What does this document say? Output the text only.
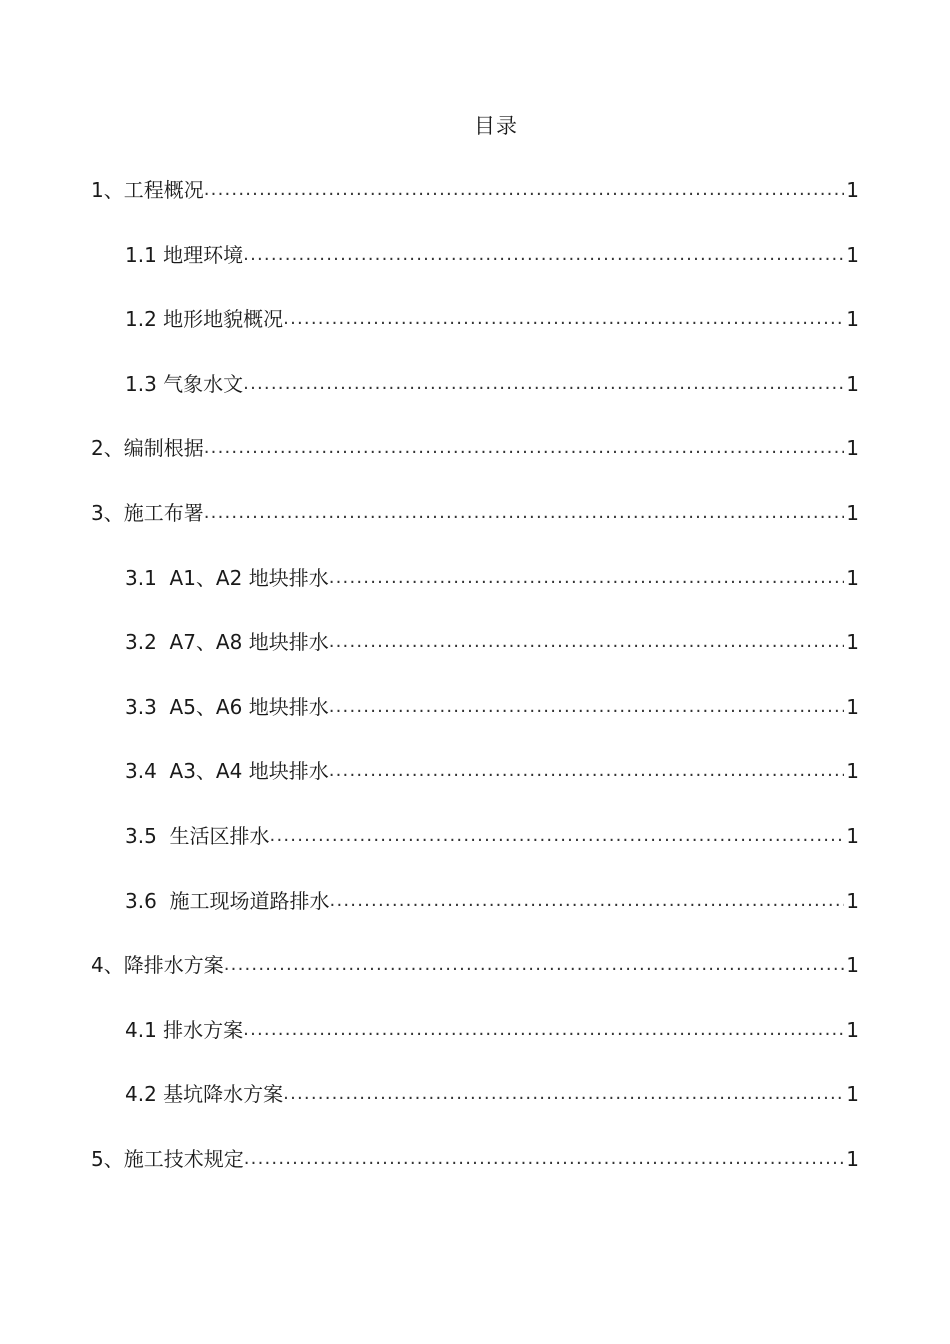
目录
1、工程概况 .....	1
1.1 地理环境 .....	1
1.2 地形地貌概况 .....	1
1.3 气象水文 .....	1
2、编制根据 .....	1
3、施工布署 .....	1
3.1  A1、A2 地块排水 .....	1
3.2  A7、A8 地块排水 .....	1
3.3  A5、A6 地块排水 .....	1
3.4  A3、A4 地块排水 .....	1
3.5  生活区排水 .....	1
3.6  施工现场道路排水 .....	1
4、降排水方案 .....	1
4.1 排水方案 .....	1
4.2 基坑降水方案 .....	1
5、施工技术规定 .....	1
